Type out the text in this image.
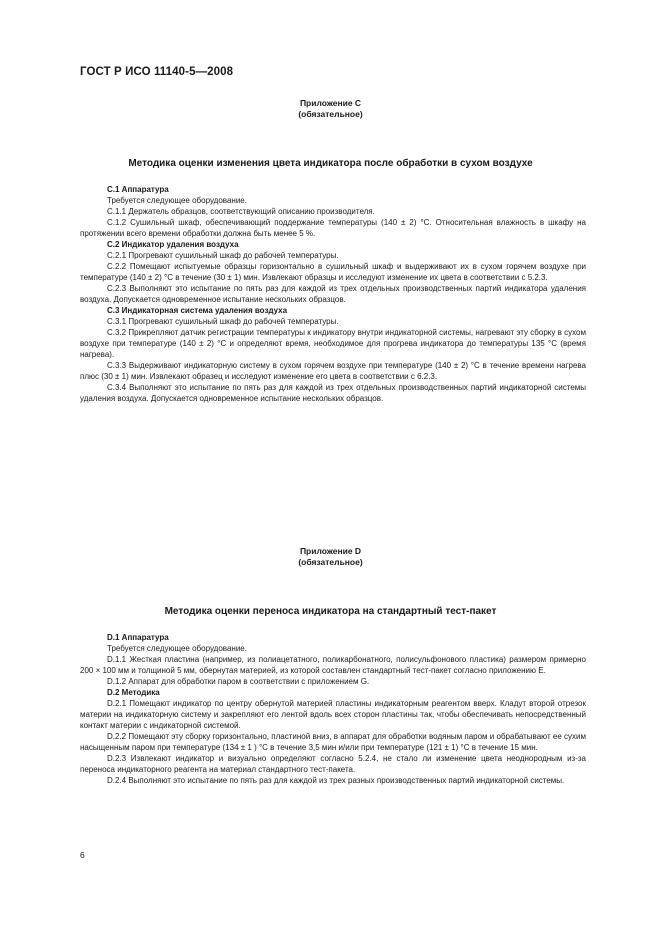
ГОСТ Р ИСО 11140-5—2008
Приложение С
(обязательное)
Методика оценки изменения цвета индикатора после обработки в сухом воздухе

С.1 Аппаратура

Требуется следующее оборудование.

С.1.1 Держатель образцов, соответствующий описанию производителя.

С.1.2 Сушильный шкаф, обеспечивающий поддержание температуры (140 ± 2) °С. Относительная влажность в шкафу на протяжении всего времени обработки должна быть менее 5 %.

С.2 Индикатор удаления воздуха

С.2.1 Прогревают сушильный шкаф до рабочей температуры.

С.2.2 Помещают испытуемые образцы горизонтально в сушильный шкаф и выдерживают их в сухом горячем воздухе при температуре (140 ± 2) °С в течение (30 ± 1) мин. Извлекают образцы и исследуют изменение их цвета в соответствии с 5.2.3.

С.2.3 Выполняют это испытание по пять раз для каждой из трех отдельных производственных партий индикатора удаления воздуха. Допускается одновременное испытание нескольких образцов.

С.3 Индикаторная система удаления воздуха

С.3.1 Прогревают сушильный шкаф до рабочей температуры.

С.3.2 Прикрепляют датчик регистрации температуры к индикатору внутри индикаторной системы, нагревают эту сборку в сухом воздухе при температуре (140 ± 2) °С и определяют время, необходимое для прогрева индикатора до температуры 135 °С (время нагрева).

С.3.3 Выдерживают индикаторную систему в сухом горячем воздухе при температуре (140 ± 2) °С в течение времени нагрева плюс (30 ± 1) мин. Извлекают образец и исследуют изменение его цвета в соответствии с 6.2.3.

С.3.4 Выполняют это испытание по пять раз для каждой из трех отдельных производственных партий индикаторной системы удаления воздуха. Допускается одновременное испытание нескольких образцов.

Приложение D
(обязательное)
Методика оценки переноса индикатора на стандартный тест-пакет

D.1 Аппаратура

Требуется следующее оборудование.

D.1.1 Жесткая пластина (например, из полиацетатного, поликарбонатного, полисульфонового пластика) размером примерно 200 × 100 мм и толщиной 5 мм, обернутая материей, из которой составлен стандартный тест-пакет согласно приложению Е.

D.1.2 Аппарат для обработки паром в соответствии с приложением G.

D.2 Методика

D.2.1 Помещают индикатор по центру обернутой материей пластины индикаторным реагентом вверх. Кладут второй отрезок материи на индикаторную систему и закрепляют его лентой вдоль всех сторон пластины так, чтобы обеспечивать непосредственный контакт материи с индикаторной системой.

D.2.2 Помещают эту сборку горизонтально, пластиной вниз, в аппарат для обработки водяным паром и обрабатывают ее сухим насыщенным паром при температуре (134 ± 1 ) °С в течение 3,5 мин и/или при температуре (121 ± 1) °С в течение 15 мин.

D.2.3 Извлекают индикатор и визуально определяют согласно 5.2.4, не стало ли изменение цвета неоднородным из-за переноса индикаторного реагента на материал стандартного тест-пакета.

D.2.4 Выполняют это испытание по пять раз для каждой из трех разных производственных партий индикаторной системы.

6
